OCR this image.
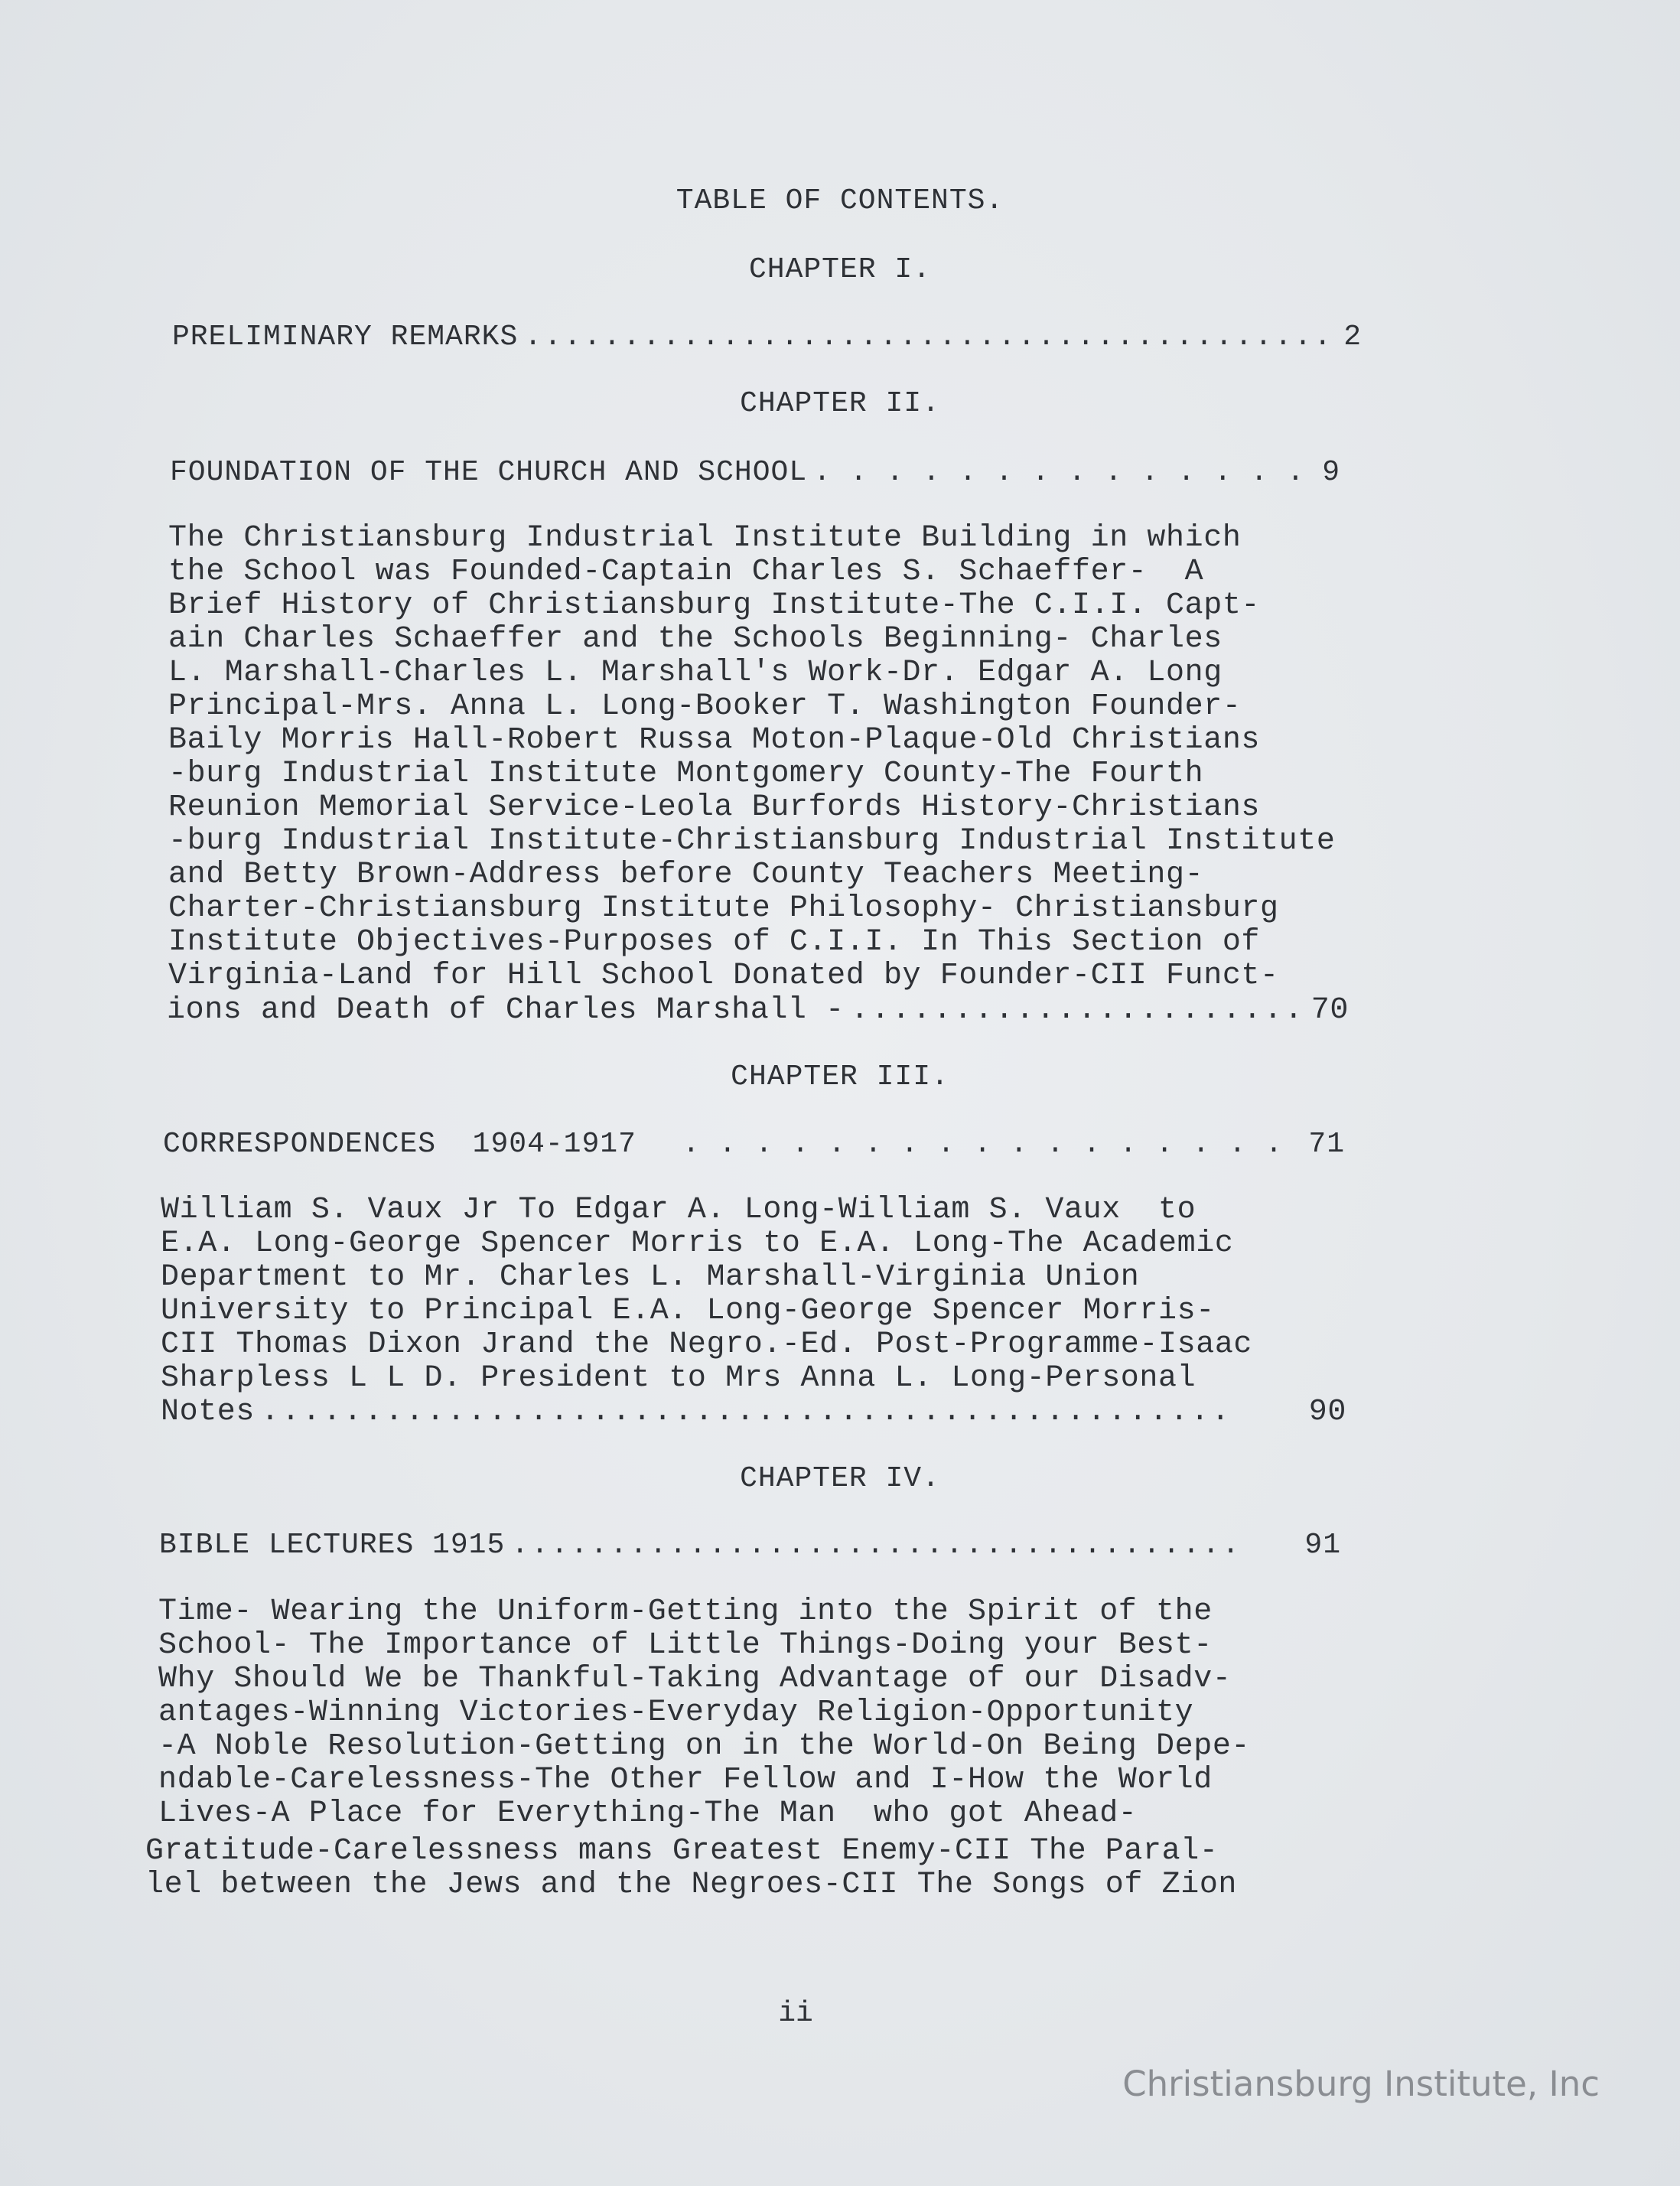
TABLE OF CONTENTS.
CHAPTER I.
PRELIMINARY REMARKS .....	2
CHAPTER II.
FOUNDATION OF THE CHURCH AND SCHOOL . . .	9
The Christiansburg Industrial Institute Building in which
the School was Founded-Captain Charles S. Schaeffer-  A
Brief History of Christiansburg Institute-The C.I.I. Capt-
ain Charles Schaeffer and the Schools Beginning- Charles
L. Marshall-Charles L. Marshall's Work-Dr. Edgar A. Long
Principal-Mrs. Anna L. Long-Booker T. Washington Founder-
Baily Morris Hall-Robert Russa Moton-Plaque-Old Christians
-burg Industrial Institute Montgomery County-The Fourth
Reunion Memorial Service-Leola Burfords History-Christians
-burg Industrial Institute-Christiansburg Industrial Institute
and Betty Brown-Address before County Teachers Meeting-
Charter-Christiansburg Institute Philosophy- Christiansburg
Institute Objectives-Purposes of C.I.I. In This Section of
Virginia-Land for Hill School Donated by Founder-CII Funct-
ions and Death of Charles Marshall - .....	70
CHAPTER III.
CORRESPONDENCES  1904-1917 . . .	71
William S. Vaux Jr To Edgar A. Long-William S. Vaux  to
E.A. Long-George Spencer Morris to E.A. Long-The Academic
Department to Mr. Charles L. Marshall-Virginia Union
University to Principal E.A. Long-George Spencer Morris-
CII Thomas Dixon Jrand the Negro.-Ed. Post-Programme-Isaac
Sharpless L L D. President to Mrs Anna L. Long-Personal
Notes .....	90
CHAPTER IV.
BIBLE LECTURES 1915 .....	91
Time- Wearing the Uniform-Getting into the Spirit of the
School- The Importance of Little Things-Doing your Best-
Why Should We be Thankful-Taking Advantage of our Disadv-
antages-Winning Victories-Everyday Religion-Opportunity
-A Noble Resolution-Getting on in the World-On Being Depe-
ndable-Carelessness-The Other Fellow and I-How the World
Lives-A Place for Everything-The Man  who got Ahead-
Gratitude-Carelessness mans Greatest Enemy-CII The Paral-
lel between the Jews and the Negroes-CII The Songs of Zion
ii
Christiansburg Institute, Inc
